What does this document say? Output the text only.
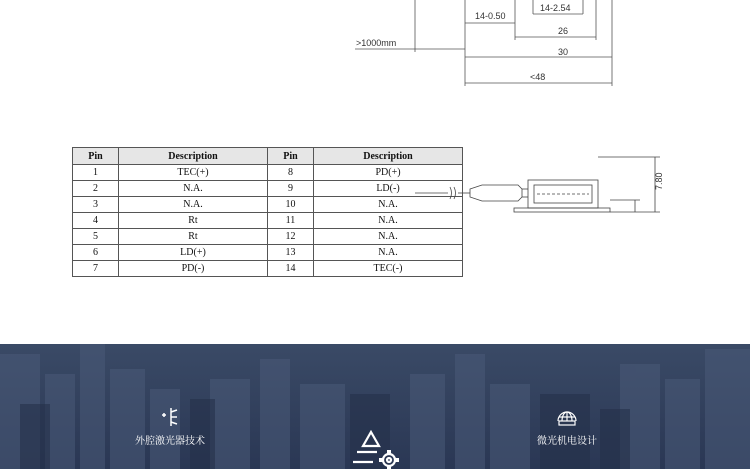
14-2.54
14-0.50
26
30
<48
>1000mm
Pin	Description	Pin	Description
1	TEC(+)	8	PD(+)
2	N.A.	9	LD(-)
3	N.A.	10	N.A.
4	Rt	11	N.A.
5	Rt	12	N.A.
6	LD(+)	13	N.A.
7	PD(-)	14	TEC(-)
7.80
外腔激光器技术	微光机电设计
